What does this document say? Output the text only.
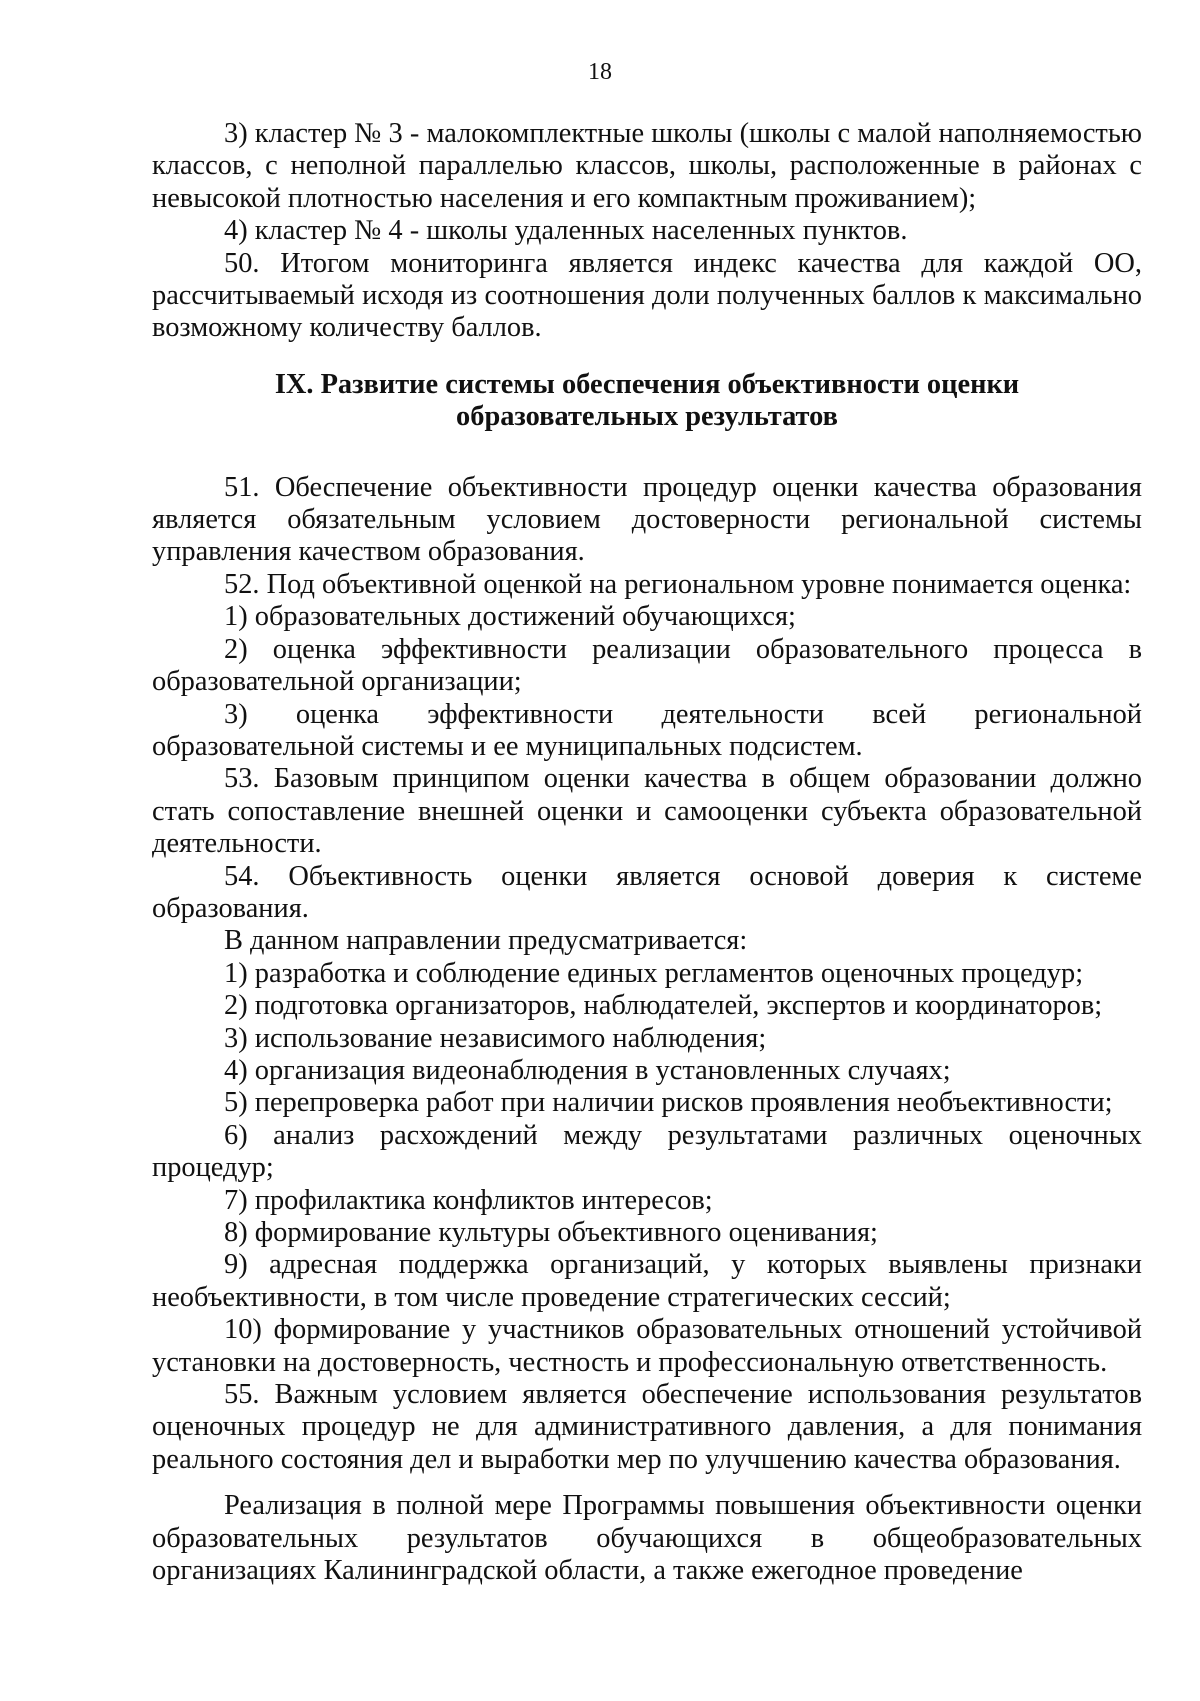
18

3) кластер № 3 - малокомплектные школы (школы с малой наполняемостью классов, с неполной параллелью классов, школы, расположенные в районах с невысокой плотностью населения и его компактным проживанием);

4) кластер № 4 - школы удаленных населенных пунктов.

50. Итогом мониторинга является индекс качества для каждой ОО, рассчитываемый исходя из соотношения доли полученных баллов к максимально возможному количеству баллов.

IX. Развитие системы обеспечения объективности оценки
образовательных результатов

51. Обеспечение объективности процедур оценки качества образования является обязательным условием достоверности региональной системы управления качеством образования.

52. Под объективной оценкой на региональном уровне понимается оценка:

1) образовательных достижений обучающихся;

2) оценка эффективности реализации образовательного процесса в образовательной организации;

3) оценка эффективности деятельности всей региональной образовательной системы и ее муниципальных подсистем.

53. Базовым принципом оценки качества в общем образовании должно стать сопоставление внешней оценки и самооценки субъекта образовательной деятельности.

54. Объективность оценки является основой доверия к системе образования.

В данном направлении предусматривается:

1) разработка и соблюдение единых регламентов оценочных процедур;

2) подготовка организаторов, наблюдателей, экспертов и координаторов;

3) использование независимого наблюдения;

4) организация видеонаблюдения в установленных случаях;

5) перепроверка работ при наличии рисков проявления необъективности;

6) анализ расхождений между результатами различных оценочных процедур;

7) профилактика конфликтов интересов;

8) формирование культуры объективного оценивания;

9) адресная поддержка организаций, у которых выявлены признаки необъективности, в том числе проведение стратегических сессий;

10) формирование у участников образовательных отношений устойчивой установки на достоверность, честность и профессиональную ответственность.

55. Важным условием является обеспечение использования результатов оценочных процедур не для административного давления, а для понимания реального состояния дел и выработки мер по улучшению качества образования.

Реализация в полной мере Программы повышения объективности оценки образовательных результатов обучающихся в общеобразовательных организациях Калининградской области, а также ежегодное проведение
